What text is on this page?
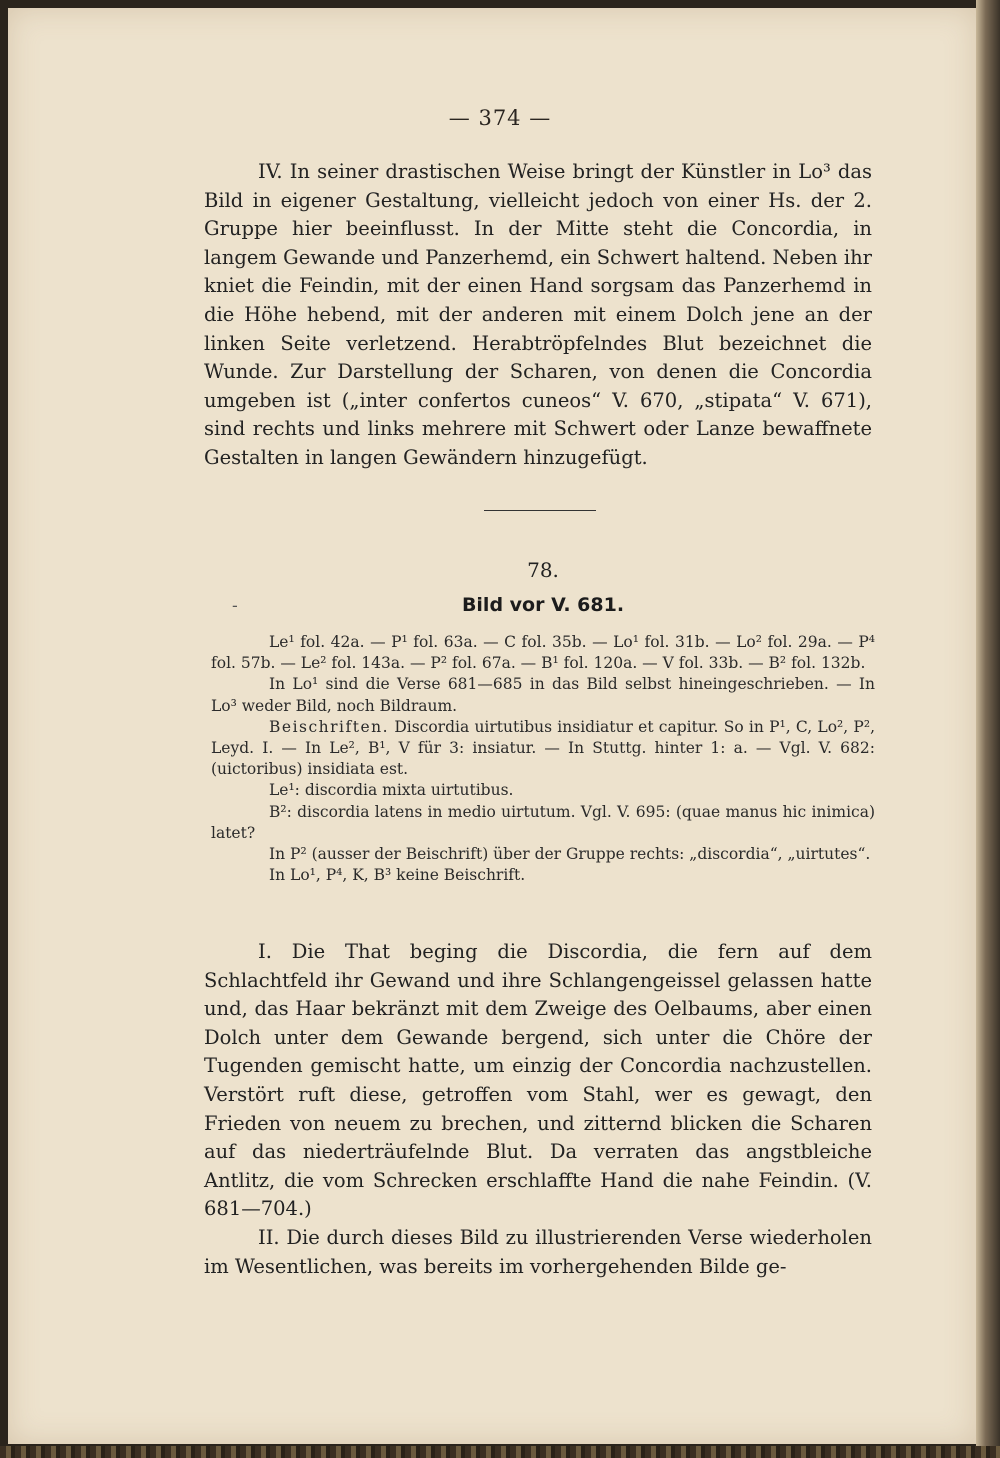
— 374 —

IV. In seiner drastischen Weise bringt der Künstler in Lo³ das Bild in eigener Gestaltung, vielleicht jedoch von einer Hs. der 2. Gruppe hier beeinflusst. In der Mitte steht die Concordia, in langem Gewande und Panzerhemd, ein Schwert haltend. Neben ihr kniet die Feindin, mit der einen Hand sorgsam das Panzerhemd in die Höhe hebend, mit der anderen mit einem Dolch jene an der linken Seite verletzend. Herabtröpfelndes Blut bezeichnet die Wunde. Zur Darstellung der Scharen, von denen die Concordia umgeben ist („inter confertos cuneos“ V. 670, „stipata“ V. 671), sind rechts und links mehrere mit Schwert oder Lanze bewaffnete Gestalten in langen Gewändern hinzugefügt.

78.
-	Bild vor V. 681.

Le¹ fol. 42a. — P¹ fol. 63a. — C fol. 35b. — Lo¹ fol. 31b. — Lo² fol. 29a. — P⁴ fol. 57b. — Le² fol. 143a. — P² fol. 67a. — B¹ fol. 120a. — V fol. 33b. — B² fol. 132b.

In Lo¹ sind die Verse 681—685 in das Bild selbst hineingeschrieben. — In Lo³ weder Bild, noch Bildraum.

Beischriften. Discordia uirtutibus insidiatur et capitur. So in P¹, C, Lo², P², Leyd. I. — In Le², B¹, V für 3: insiatur. — In Stuttg. hinter 1: a. — Vgl. V. 682: (uictoribus) insidiata est.

Le¹: discordia mixta uirtutibus.

B²: discordia latens in medio uirtutum. Vgl. V. 695: (quae manus hic inimica) latet?

In P² (ausser der Beischrift) über der Gruppe rechts: „discordia“, „uirtutes“.

In Lo¹, P⁴, K, B³ keine Beischrift.

I. Die That beging die Discordia, die fern auf dem Schlachtfeld ihr Gewand und ihre Schlangengeissel gelassen hatte und, das Haar bekränzt mit dem Zweige des Oelbaums, aber einen Dolch unter dem Gewande bergend, sich unter die Chöre der Tugenden gemischt hatte, um einzig der Concordia nachzustellen. Verstört ruft diese, getroffen vom Stahl, wer es gewagt, den Frieden von neuem zu brechen, und zitternd blicken die Scharen auf das niederträufelnde Blut. Da verraten das angstbleiche Antlitz, die vom Schrecken erschlaffte Hand die nahe Feindin. (V. 681—704.)

II. Die durch dieses Bild zu illustrierenden Verse wiederholen im Wesentlichen, was bereits im vorhergehenden Bilde ge-
